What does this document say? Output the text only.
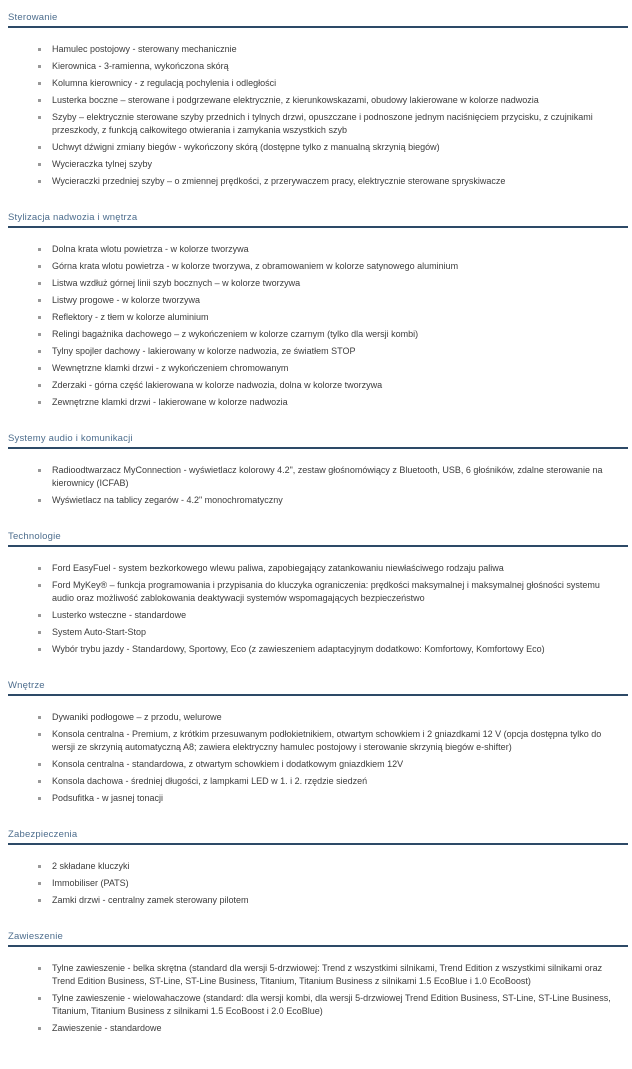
Sterowanie
Hamulec postojowy - sterowany mechanicznie
Kierownica - 3-ramienna, wykończona skórą
Kolumna kierownicy - z regulacją pochylenia i odległości
Lusterka boczne – sterowane i podgrzewane elektrycznie, z kierunkowskazami, obudowy lakierowane w kolorze nadwozia
Szyby – elektrycznie sterowane szyby przednich i tylnych drzwi, opuszczane i podnoszone jednym naciśnięciem przycisku, z czujnikami przeszkody, z funkcją całkowitego otwierania i zamykania wszystkich szyb
Uchwyt dźwigni zmiany biegów - wykończony skórą (dostępne tylko z manualną skrzynią biegów)
Wycieraczka tylnej szyby
Wycieraczki przedniej szyby – o zmiennej prędkości, z przerywaczem pracy, elektrycznie sterowane spryskiwacze
Stylizacja nadwozia i wnętrza
Dolna krata wlotu powietrza - w kolorze tworzywa
Górna krata wlotu powietrza - w kolorze tworzywa, z obramowaniem w kolorze satynowego aluminium
Listwa wzdłuż górnej linii szyb bocznych – w kolorze tworzywa
Listwy progowe - w kolorze tworzywa
Reflektory - z tłem w kolorze aluminium
Relingi bagażnika dachowego – z wykończeniem w kolorze czarnym (tylko dla wersji kombi)
Tylny spojler dachowy - lakierowany w kolorze nadwozia, ze światłem STOP
Wewnętrzne klamki drzwi - z wykończeniem chromowanym
Zderzaki - górna część lakierowana w kolorze nadwozia, dolna w kolorze tworzywa
Zewnętrzne klamki drzwi - lakierowane w kolorze nadwozia
Systemy audio i komunikacji
Radioodtwarzacz MyConnection - wyświetlacz kolorowy 4.2", zestaw głośnomówiący z Bluetooth, USB, 6 głośników, zdalne sterowanie na kierownicy (ICFAB)
Wyświetlacz na tablicy zegarów - 4.2" monochromatyczny
Technologie
Ford EasyFuel - system bezkorkowego wlewu paliwa, zapobiegający zatankowaniu niewłaściwego rodzaju paliwa
Ford MyKey® – funkcja programowania i przypisania do kluczyka ograniczenia: prędkości maksymalnej i maksymalnej głośności systemu audio oraz możliwość zablokowania deaktywacji systemów wspomagających bezpieczeństwo
Lusterko wsteczne - standardowe
System Auto-Start-Stop
Wybór trybu jazdy - Standardowy, Sportowy, Eco (z zawieszeniem adaptacyjnym dodatkowo: Komfortowy, Komfortowy Eco)
Wnętrze
Dywaniki podłogowe – z przodu, welurowe
Konsola centralna - Premium, z krótkim przesuwanym podłokietnikiem, otwartym schowkiem i 2 gniazdkami 12 V (opcja dostępna tylko do wersji ze skrzynią automatyczną A8; zawiera elektryczny hamulec postojowy i sterowanie skrzynią biegów e-shifter)
Konsola centralna - standardowa, z otwartym schowkiem i dodatkowym gniazdkiem 12V
Konsola dachowa - średniej długości, z lampkami LED w 1. i 2. rzędzie siedzeń
Podsufitka - w jasnej tonacji
Zabezpieczenia
2 składane kluczyki
Immobiliser (PATS)
Zamki drzwi - centralny zamek sterowany pilotem
Zawieszenie
Tylne zawieszenie - belka skrętna (standard dla wersji 5-drzwiowej: Trend z wszystkimi silnikami, Trend Edition z wszystkimi silnikami oraz Trend Edition Business, ST-Line, ST-Line Business, Titanium, Titanium Business z silnikami 1.5 EcoBlue i 1.0 EcoBoost)
Tylne zawieszenie - wielowahaczowe (standard: dla wersji kombi, dla wersji 5-drzwiowej Trend Edition Business, ST-Line, ST-Line Business, Titanium, Titanium Business z silnikami 1.5 EcoBoost i 2.0 EcoBlue)
Zawieszenie - standardowe
